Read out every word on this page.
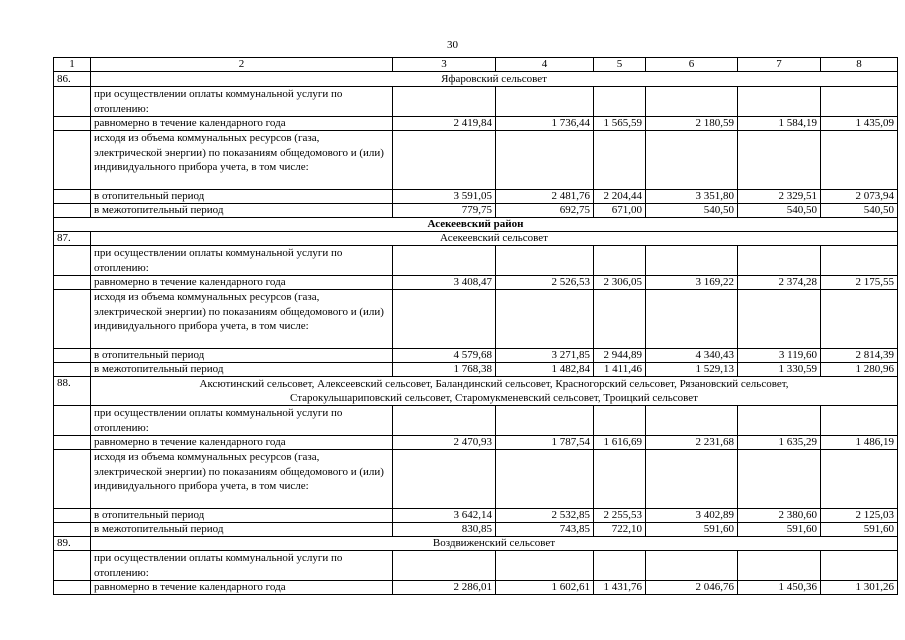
30
1	2	3	4	5	6	7	8
86.	Яфаровский сельсовет						
	при осуществлении оплаты коммунальной услуги по отоплению:						
	равномерно в течение календарного года	2 419,84	1 736,44	1 565,59	2 180,59	1 584,19	1 435,09
	исходя из объема коммунальных ресурсов (газа, электрической энергии) по показаниям общедомового и (или) индивидуального прибора учета, в том числе:						
	в отопительный период	3 591,05	2 481,76	2 204,44	3 351,80	2 329,51	2 073,94
	в межотопительный период	779,75	692,75	671,00	540,50	540,50	540,50
Асекеевский район							
87.	Асекеевский сельсовет						
	при осуществлении оплаты коммунальной услуги по отоплению:						
	равномерно в течение календарного года	3 408,47	2 526,53	2 306,05	3 169,22	2 374,28	2 175,55
	исходя из объема коммунальных ресурсов (газа, электрической энергии) по показаниям общедомового и (или) индивидуального прибора учета, в том числе:						
	в отопительный период	4 579,68	3 271,85	2 944,89	4 340,43	3 119,60	2 814,39
	в межотопительный период	1 768,38	1 482,84	1 411,46	1 529,13	1 330,59	1 280,96
88.	Аксютинский сельсовет, Алексеевский сельсовет, Баландинский сельсовет, Красногорский сельсовет, Рязановский сельсовет,
Старокульшариповский сельсовет, Старомукменевский сельсовет, Троицкий сельсовет						

	при осуществлении оплаты коммунальной услуги по отоплению:						
	равномерно в течение календарного года	2 470,93	1 787,54	1 616,69	2 231,68	1 635,29	1 486,19
	исходя из объема коммунальных ресурсов (газа, электрической энергии) по показаниям общедомового и (или) индивидуального прибора учета, в том числе:						
	в отопительный период	3 642,14	2 532,85	2 255,53	3 402,89	2 380,60	2 125,03
	в межотопительный период	830,85	743,85	722,10	591,60	591,60	591,60
89.	Воздвиженский сельсовет						
	при осуществлении оплаты коммунальной услуги по отоплению:						
	равномерно в течение календарного года	2 286,01	1 602,61	1 431,76	2 046,76	1 450,36	1 301,26
